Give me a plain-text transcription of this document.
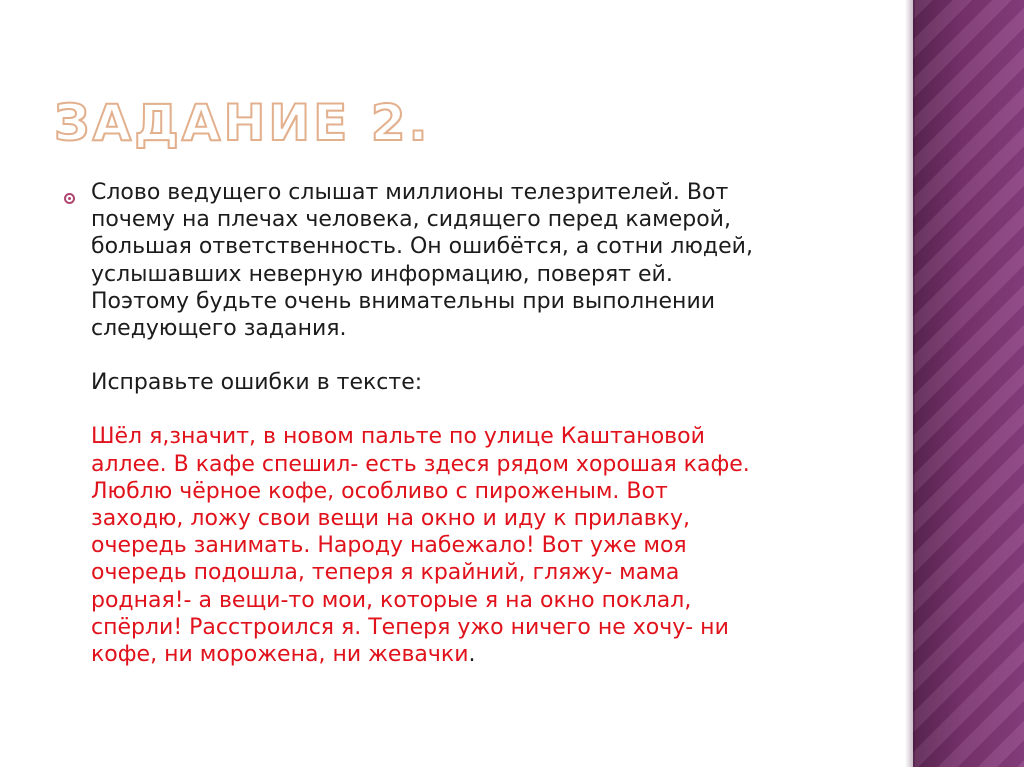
ЗАДАНИЕ 2.

Слово ведущего слышат миллионы телезрителей. Вот

почему на плечах человека, сидящего перед камерой,

большая ответственность. Он ошибётся, а сотни людей,

услышавших неверную информацию, поверят ей.

Поэтому будьте очень внимательны при выполнении

следующего задания.

Исправьте ошибки в тексте:

Шёл я,значит, в новом пальте по улице Каштановой

аллее. В кафе спешил- есть здеся рядом хорошая кафе.

Люблю чёрное кофе, особливо с пироженым. Вот

заходю, ложу свои вещи на окно и иду к прилавку,

очередь занимать. Народу набежало! Вот уже моя

очередь подошла, теперя я крайний, гляжу- мама

родная!- а вещи-то мои, которые я на окно поклал,

спёрли! Расстроился я. Теперя ужо ничего не хочу- ни

кофе, ни морожена, ни жевачки.
